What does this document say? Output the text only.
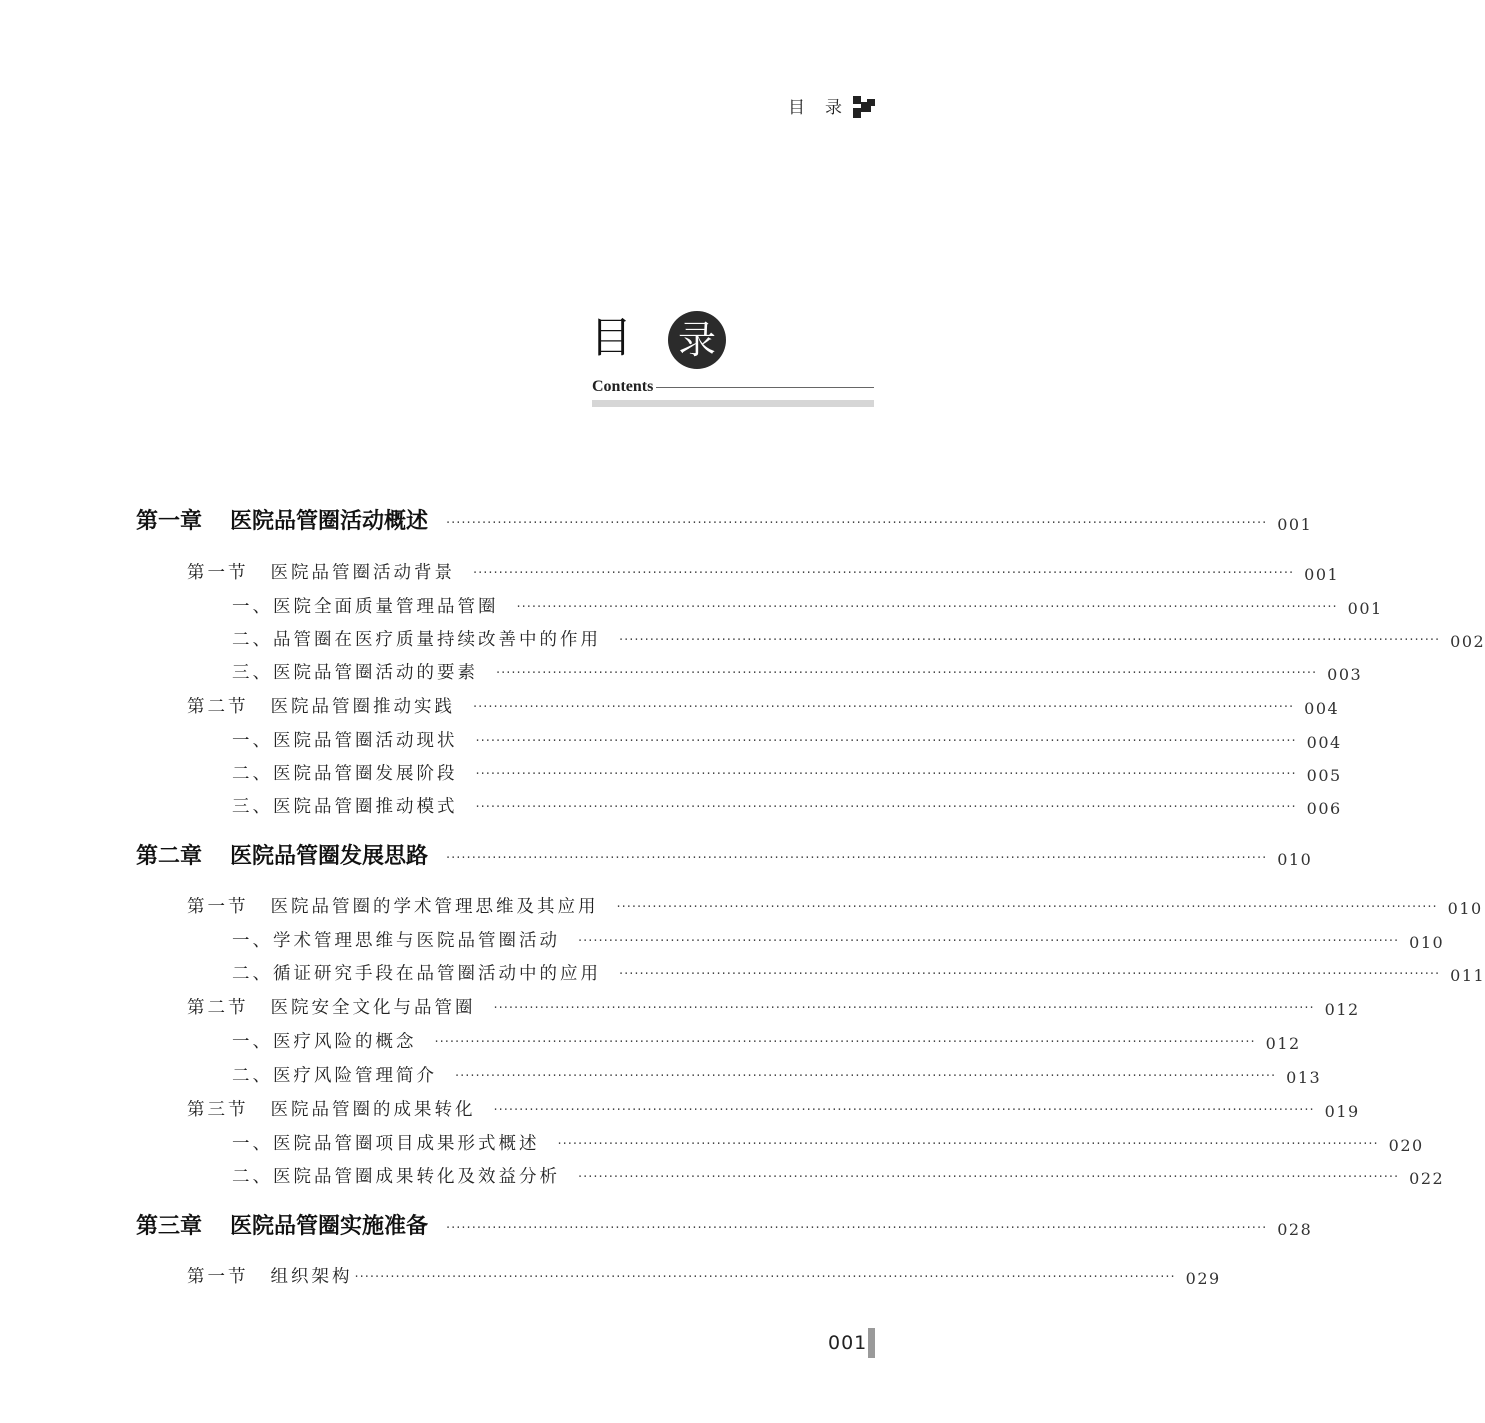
目 录
目 录
Contents
第一章 医院品管圈活动概述 ································································································································································ 001
第一节 医院品管圈活动背景 ································································································································································ 001
一、医院全面质量管理品管圈 ································································································································································ 001
二、品管圈在医疗质量持续改善中的作用 ································································································································································ 002
三、医院品管圈活动的要素 ································································································································································ 003
第二节 医院品管圈推动实践 ································································································································································ 004
一、医院品管圈活动现状 ································································································································································ 004
二、医院品管圈发展阶段 ································································································································································ 005
三、医院品管圈推动模式 ································································································································································ 006
第二章 医院品管圈发展思路 ································································································································································ 010
第一节 医院品管圈的学术管理思维及其应用 ································································································································································ 010
一、学术管理思维与医院品管圈活动 ································································································································································ 010
二、循证研究手段在品管圈活动中的应用 ································································································································································ 011
第二节 医院安全文化与品管圈 ································································································································································ 012
一、医疗风险的概念 ································································································································································ 012
二、医疗风险管理简介 ································································································································································ 013
第三节 医院品管圈的成果转化 ································································································································································ 019
一、医院品管圈项目成果形式概述 ································································································································································ 020
二、医院品管圈成果转化及效益分析 ································································································································································ 022
第三章 医院品管圈实施准备 ································································································································································ 028
第一节 组织架构 ································································································································································ 029
001
